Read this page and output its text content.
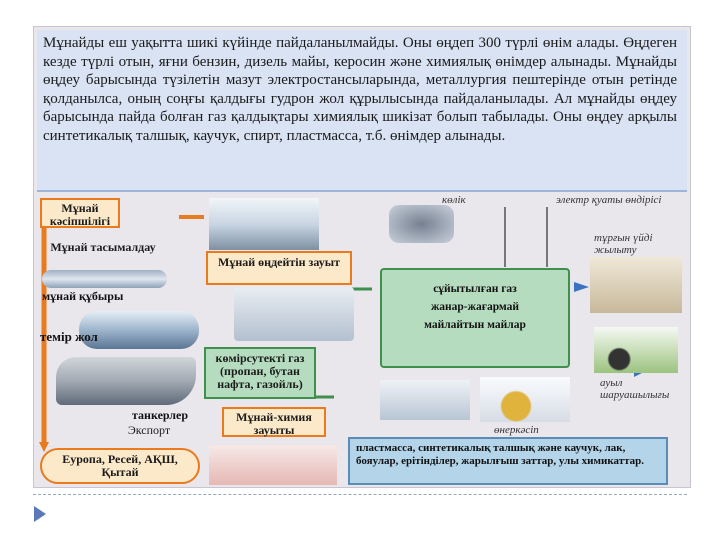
Мұнайды еш уақытта шикі күйінде пайдаланылмайды. Оны өңдеп 300 түрлі өнім алады. Өңдеген кезде түрлі отын, яғни бензин, дизель майы, керосин және химиялық өнімдер алынады. Мұнайды өңдеу барысында түзілетін мазут электростансыларында, металлургия пештерінде отын ретінде қолданылса, оның соңғы қалдығы гудрон жол құрылысында пайдаланылады. Ал мұнайды өңдеу барысында пайда болған газ қалдықтары химиялық шикізат болып табылады. Оны өңдеу арқылы синтетикалық талшық, каучук, спирт, пластмасса, т.б. өнімдер алынады.

Мұнай кәсіпшілігі
Мұнай тасымалдау
мұнай құбыры
темір жол
танкерлер
Экспорт
Еуропа, Ресей, АҚШ, Қытай
Мұнай өңдейтін зауыт
көлік	электр қуаты өндірісі
тұрғын үйді жылыту
сұйытылған газ
жанар-жағармай
майлайтын майлар
ауыл шаруашылығы
көмірсутекті газ (пропан, бутан нафта, газойль)
өнеркәсіп
Мұнай-химия зауыты
пластмасса, синтетикалық талшық және каучук, лак, бояулар, ерітінділер, жарылғыш заттар, улы химикаттар.
